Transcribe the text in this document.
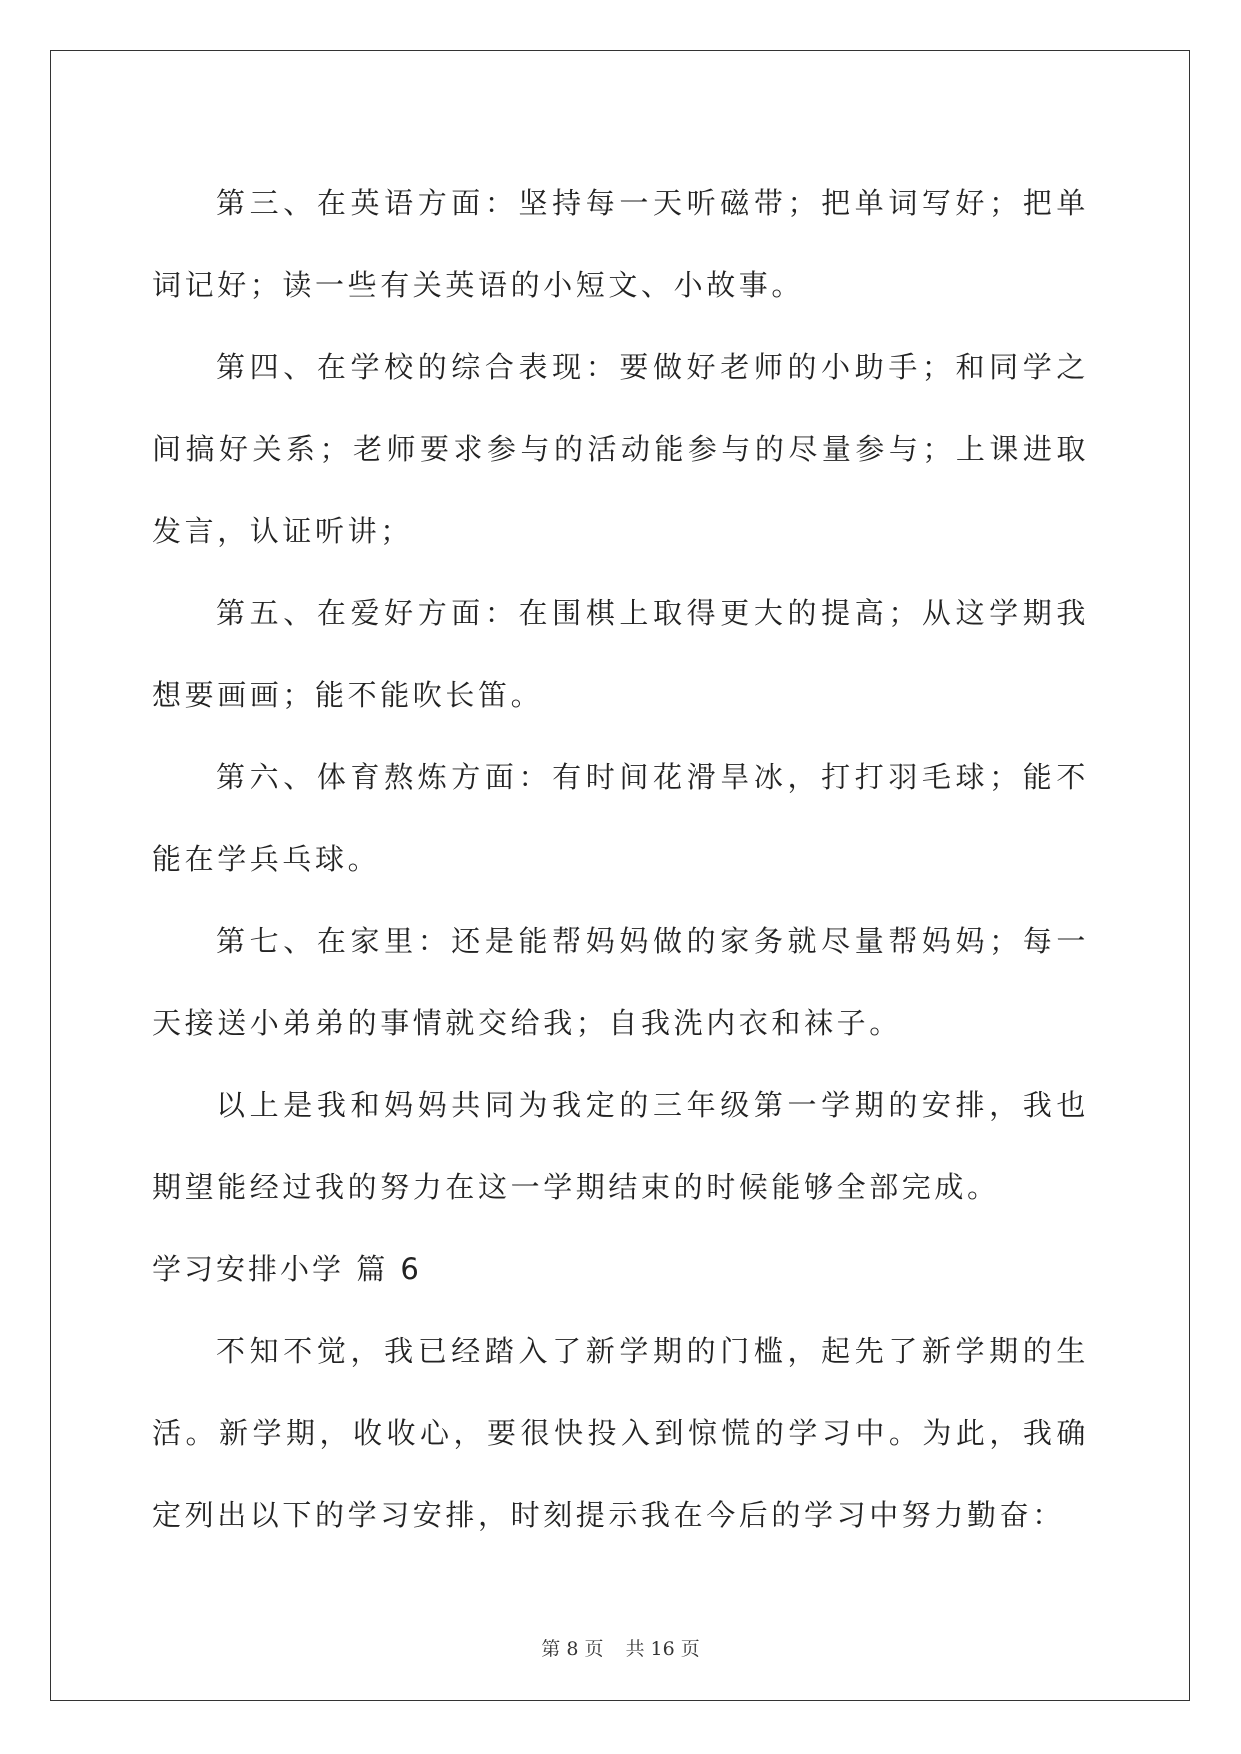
第三、在英语方面：坚持每一天听磁带；把单词写好；把单词记好；读一些有关英语的小短文、小故事。

第四、在学校的综合表现：要做好老师的小助手；和同学之间搞好关系；老师要求参与的活动能参与的尽量参与；上课进取发言，认证听讲；

第五、在爱好方面：在围棋上取得更大的提高；从这学期我想要画画；能不能吹长笛。

第六、体育熬炼方面：有时间花滑旱冰，打打羽毛球；能不能在学兵乓球。

第七、在家里：还是能帮妈妈做的家务就尽量帮妈妈；每一天接送小弟弟的事情就交给我；自我洗内衣和袜子。

以上是我和妈妈共同为我定的三年级第一学期的安排，我也期望能经过我的努力在这一学期结束的时候能够全部完成。

学习安排小学 篇 6

不知不觉，我已经踏入了新学期的门槛，起先了新学期的生活。新学期，收收心，要很快投入到惊慌的学习中。为此，我确定列出以下的学习安排，时刻提示我在今后的学习中努力勤奋：

第 8 页 共 16 页
